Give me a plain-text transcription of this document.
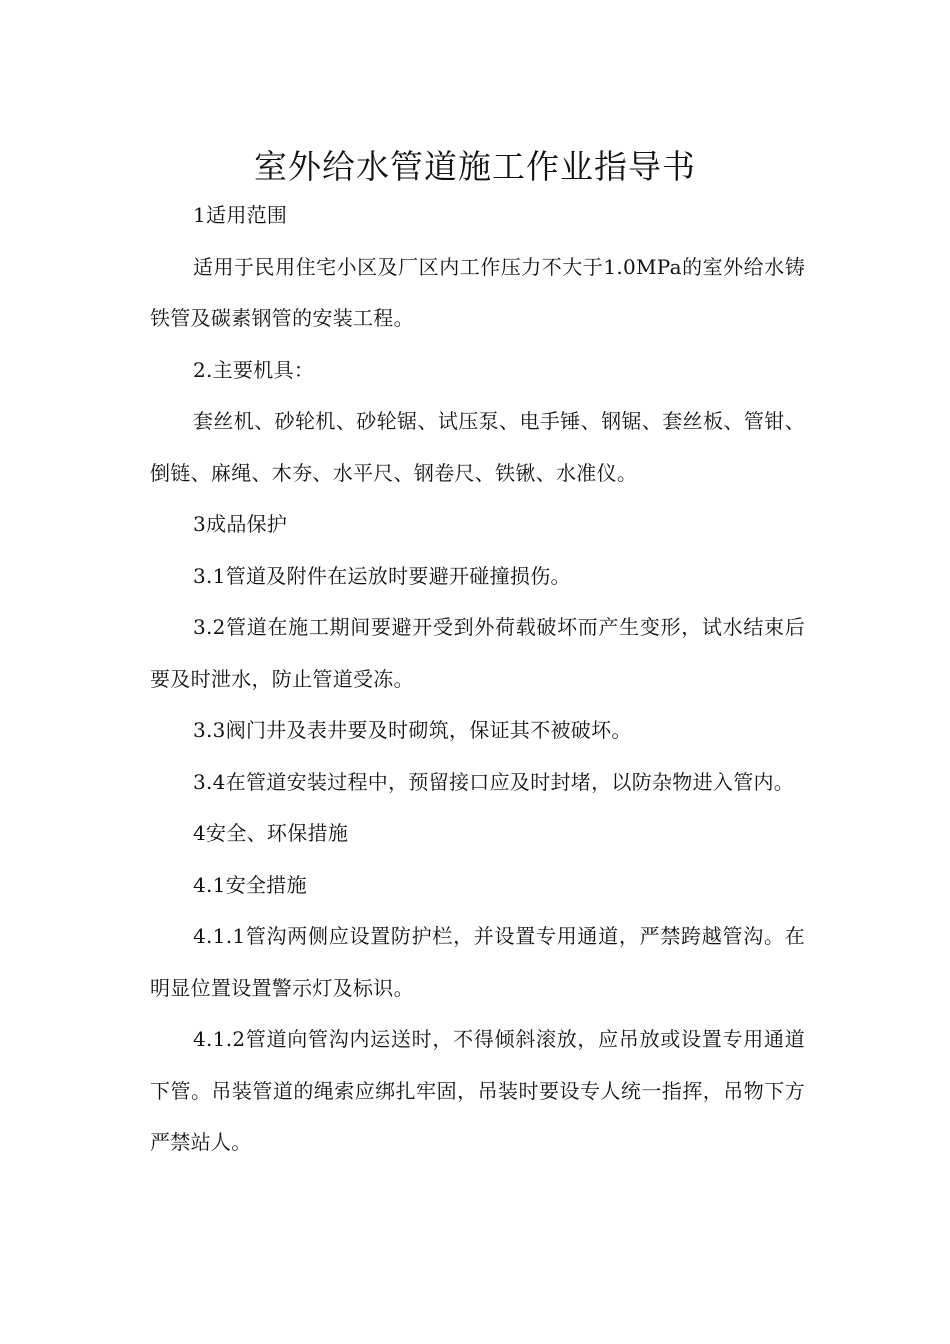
室外给水管道施工作业指导书

1适用范围

适用于民用住宅小区及厂区内工作压力不大于1.0MPa的室外给水铸铁管及碳素钢管的安装工程。

2.主要机具：

套丝机、砂轮机、砂轮锯、试压泵、电手锤、钢锯、套丝板、管钳、倒链、麻绳、木夯、水平尺、钢卷尺、铁锹、水准仪。

3成品保护

3.1管道及附件在运放时要避开碰撞损伤。

3.2管道在施工期间要避开受到外荷载破坏而产生变形，试水结束后要及时泄水，防止管道受冻。

3.3阀门井及表井要及时砌筑，保证其不被破坏。

3.4在管道安装过程中，预留接口应及时封堵，以防杂物进入管内。

4安全、环保措施

4.1安全措施

4.1.1管沟两侧应设置防护栏，并设置专用通道，严禁跨越管沟。在明显位置设置警示灯及标识。

4.1.2管道向管沟内运送时，不得倾斜滚放，应吊放或设置专用通道下管。吊装管道的绳索应绑扎牢固，吊装时要设专人统一指挥，吊物下方严禁站人。
